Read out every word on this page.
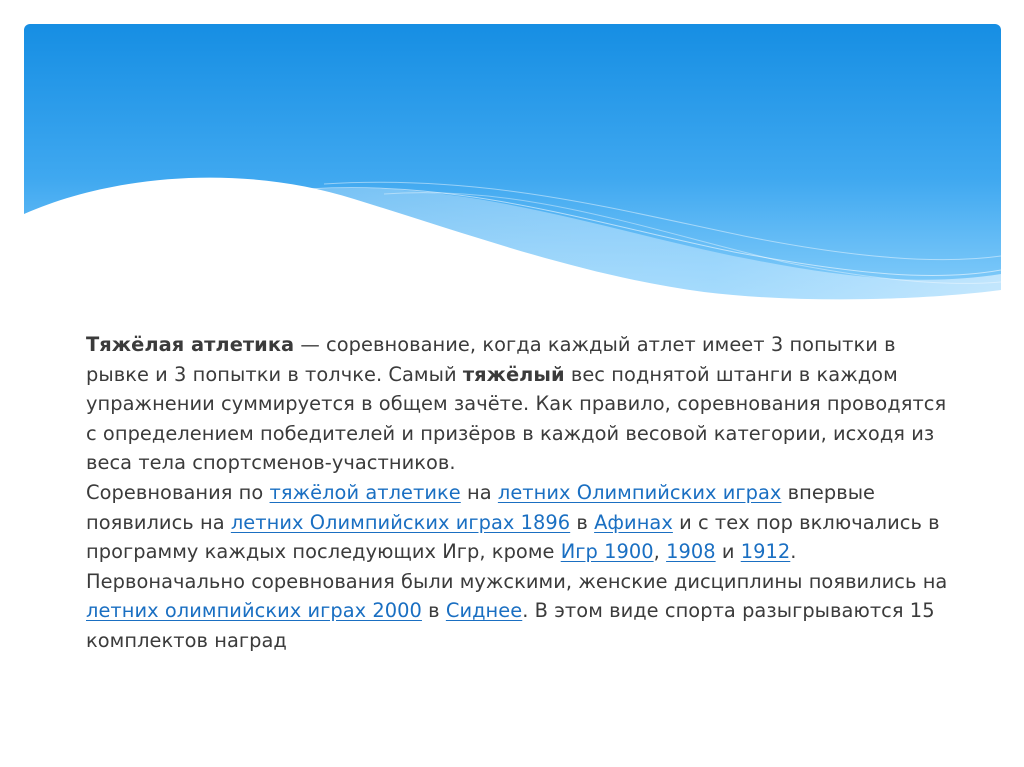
Тяжёлая атлетика — соревнование, когда каждый атлет имеет 3 попытки в рывке и 3 попытки в толчке. Самый тяжёлый вес поднятой штанги в каждом упражнении суммируется в общем зачёте. Как правило, соревнования проводятся с определением победителей и призёров в каждой весовой категории, исходя из веса тела спортсменов-участников.

Соревнования по тяжёлой атлетике на летних Олимпийских играх впервые появились на летних Олимпийских играх 1896 в Афинах и с тех пор включались в программу каждых последующих Игр, кроме Игр 1900, 1908 и 1912. Первоначально соревнования были мужскими, женские дисциплины появились на летних олимпийских играх 2000 в Сиднее. В этом виде спорта разыгрываются 15 комплектов наград
